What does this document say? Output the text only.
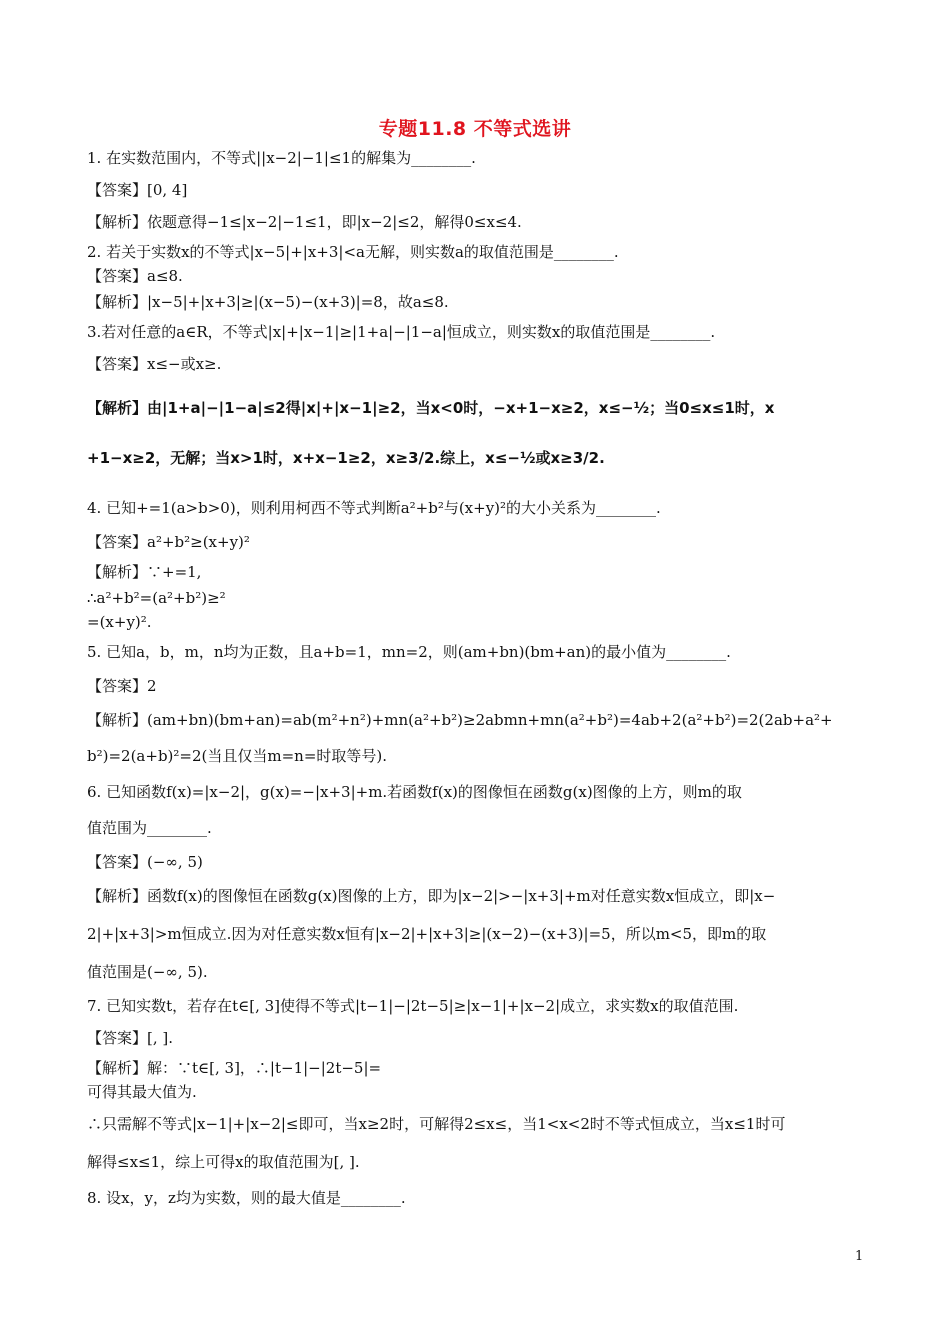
专题11.8 不等式选讲
1. 在实数范围内，不等式||x−2|−1|≤1的解集为________.
【答案】[0, 4]
【解析】依题意得−1≤|x−2|−1≤1，即|x−2|≤2，解得0≤x≤4.
2. 若关于实数x的不等式|x−5|+|x+3|<a无解，则实数a的取值范围是________.
【答案】a≤8.
【解析】|x−5|+|x+3|≥|(x−5)−(x+3)|=8，故a≤8.
3.若对任意的a∈R，不等式|x|+|x−1|≥|1+a|−|1−a|恒成立，则实数x的取值范围是________.
【答案】x≤−或x≥.
【解析】由|1+a|−|1−a|≤2得|x|+|x−1|≥2，当x<0时，−x+1−x≥2，x≤−½；当0≤x≤1时，x
+1−x≥2，无解；当x>1时，x+x−1≥2，x≥3/2.综上，x≤−½或x≥3/2.
4. 已知+=1(a>b>0)，则利用柯西不等式判断a²+b²与(x+y)²的大小关系为________.
【答案】a²+b²≥(x+y)²
【解析】∵+=1,
∴a²+b²=(a²+b²)≥²
=(x+y)².
5. 已知a，b，m，n均为正数，且a+b=1，mn=2，则(am+bn)(bm+an)的最小值为________.
【答案】2
【解析】(am+bn)(bm+an)=ab(m²+n²)+mn(a²+b²)≥2abmn+mn(a²+b²)=4ab+2(a²+b²)=2(2ab+a²+
b²)=2(a+b)²=2(当且仅当m=n=时取等号).
6. 已知函数f(x)=|x−2|，g(x)=−|x+3|+m.若函数f(x)的图像恒在函数g(x)图像的上方，则m的取
值范围为________.
【答案】(−∞, 5)
【解析】函数f(x)的图像恒在函数g(x)图像的上方，即为|x−2|>−|x+3|+m对任意实数x恒成立，即|x−
2|+|x+3|>m恒成立.因为对任意实数x恒有|x−2|+|x+3|≥|(x−2)−(x+3)|=5，所以m<5，即m的取
值范围是(−∞, 5).
7. 已知实数t，若存在t∈[, 3]使得不等式|t−1|−|2t−5|≥|x−1|+|x−2|成立，求实数x的取值范围.
【答案】[, ].
【解析】解：∵t∈[, 3]，∴|t−1|−|2t−5|=
可得其最大值为.
∴只需解不等式|x−1|+|x−2|≤即可，当x≥2时，可解得2≤x≤，当1<x<2时不等式恒成立，当x≤1时可
解得≤x≤1，综上可得x的取值范围为[, ].
8. 设x，y，z均为实数，则的最大值是________.
1
